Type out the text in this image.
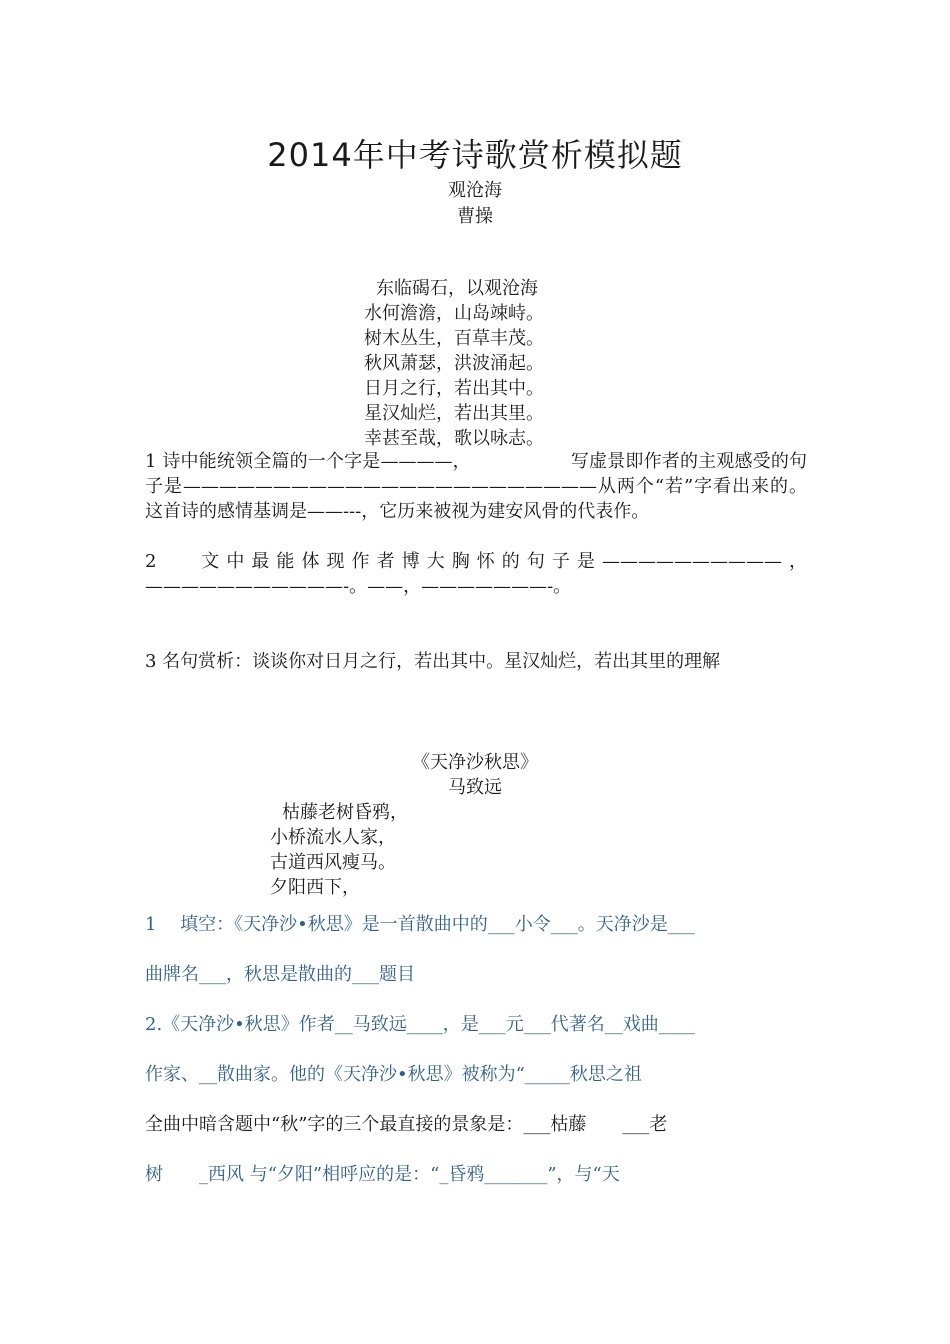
2014年中考诗歌赏析模拟题
观沧海
曹操
东临碣石，以观沧海
水何澹澹，山岛竦峙。
树木丛生，百草丰茂。
秋风萧瑟，洪波涌起。
日月之行，若出其中。
星汉灿烂，若出其里。
幸甚至哉，歌以咏志。
1 诗中能统领全篇的一个字是————，　　　　　　写虚景即作者的主观感受的句子是———————————————————————从两个“若”字看出来的。这首诗的感情基调是——---，它历来被视为建安风骨的代表作。
2　 文中最能体现作者博大胸怀的句子是——————————，———————————-。——，———————-。
3 名句赏析：谈谈你对日月之行，若出其中。星汉灿烂，若出其里的理解
《天净沙秋思》
马致远
枯藤老树昏鸦，
小桥流水人家，
古道西风瘦马。
夕阳西下，
1　 填空：《天净沙•秋思》是一首散曲中的___小令___。天净沙是___
曲牌名___，秋思是散曲的___题目
2.《天净沙•秋思》作者__马致远____，是___元___代著名__戏曲____
作家、__散曲家。他的《天净沙•秋思》被称为“_____秋思之祖
全曲中暗含题中“秋”字的三个最直接的景象是：___枯藤　　___老
树　　_西风 与“夕阳”相呼应的是：“_昏鸦_______”，与“天
